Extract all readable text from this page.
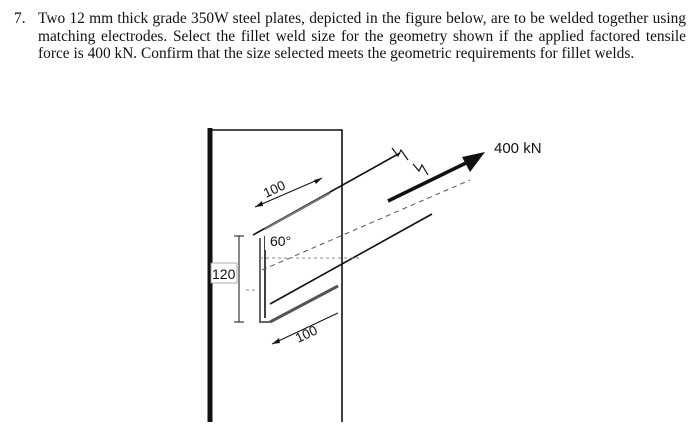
7. Two 12 mm thick grade 350W steel plates, depicted in the figure below, are to be welded together using matching electrodes. Select the fillet weld size for the geometry shown if the applied factored tensile force is 400 kN. Confirm that the size selected meets the geometric requirements for fillet welds.
120
60°
100
100
400 kN
